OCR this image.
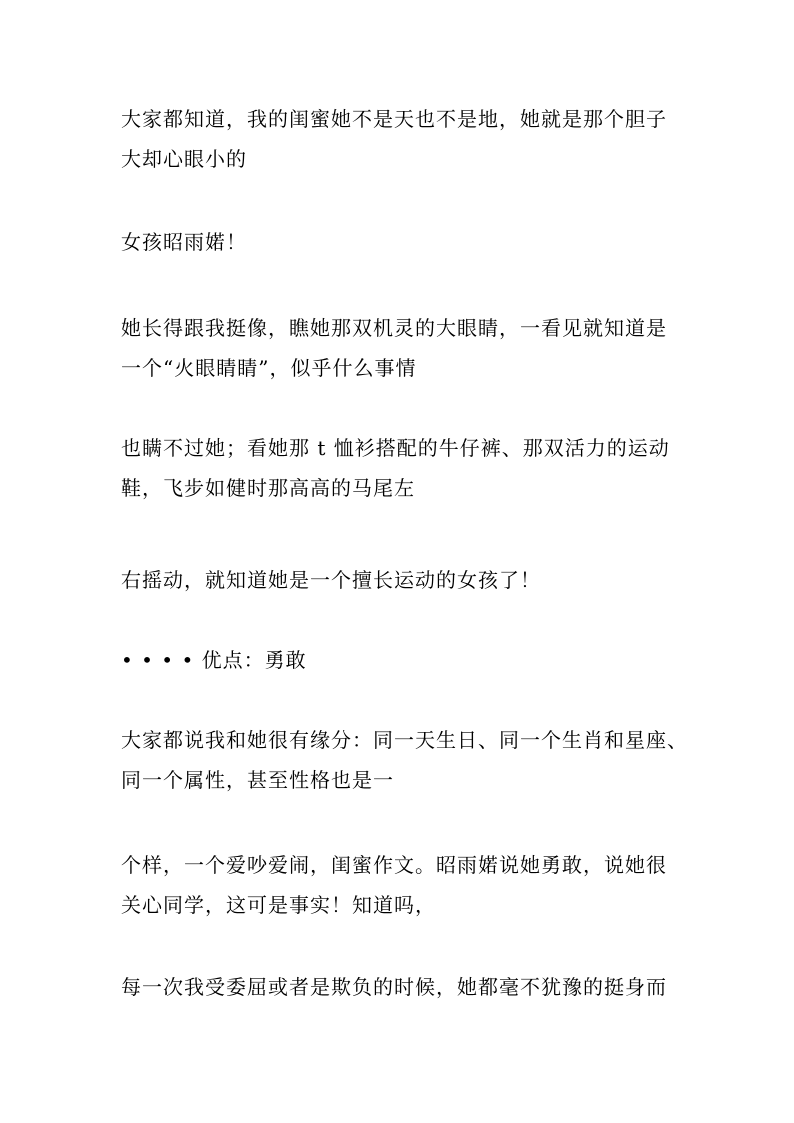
大家都知道，我的闺蜜她不是天也不是地，她就是那个胆子
大却心眼小的

女孩昭雨婼！

她长得跟我挺像，瞧她那双机灵的大眼睛，一看见就知道是
一个“火眼睛睛”，似乎什么事情

也瞒不过她；看她那 t 恤衫搭配的牛仔裤、那双活力的运动
鞋，飞步如健时那高高的马尾左

右摇动，就知道她是一个擅长运动的女孩了！

• • • • 优点：勇敢

大家都说我和她很有缘分：同一天生日、同一个生肖和星座、
同一个属性，甚至性格也是一

个样，一个爱吵爱闹，闺蜜作文。昭雨婼说她勇敢，说她很
关心同学，这可是事实！知道吗，

每一次我受委屈或者是欺负的时候，她都毫不犹豫的挺身而
